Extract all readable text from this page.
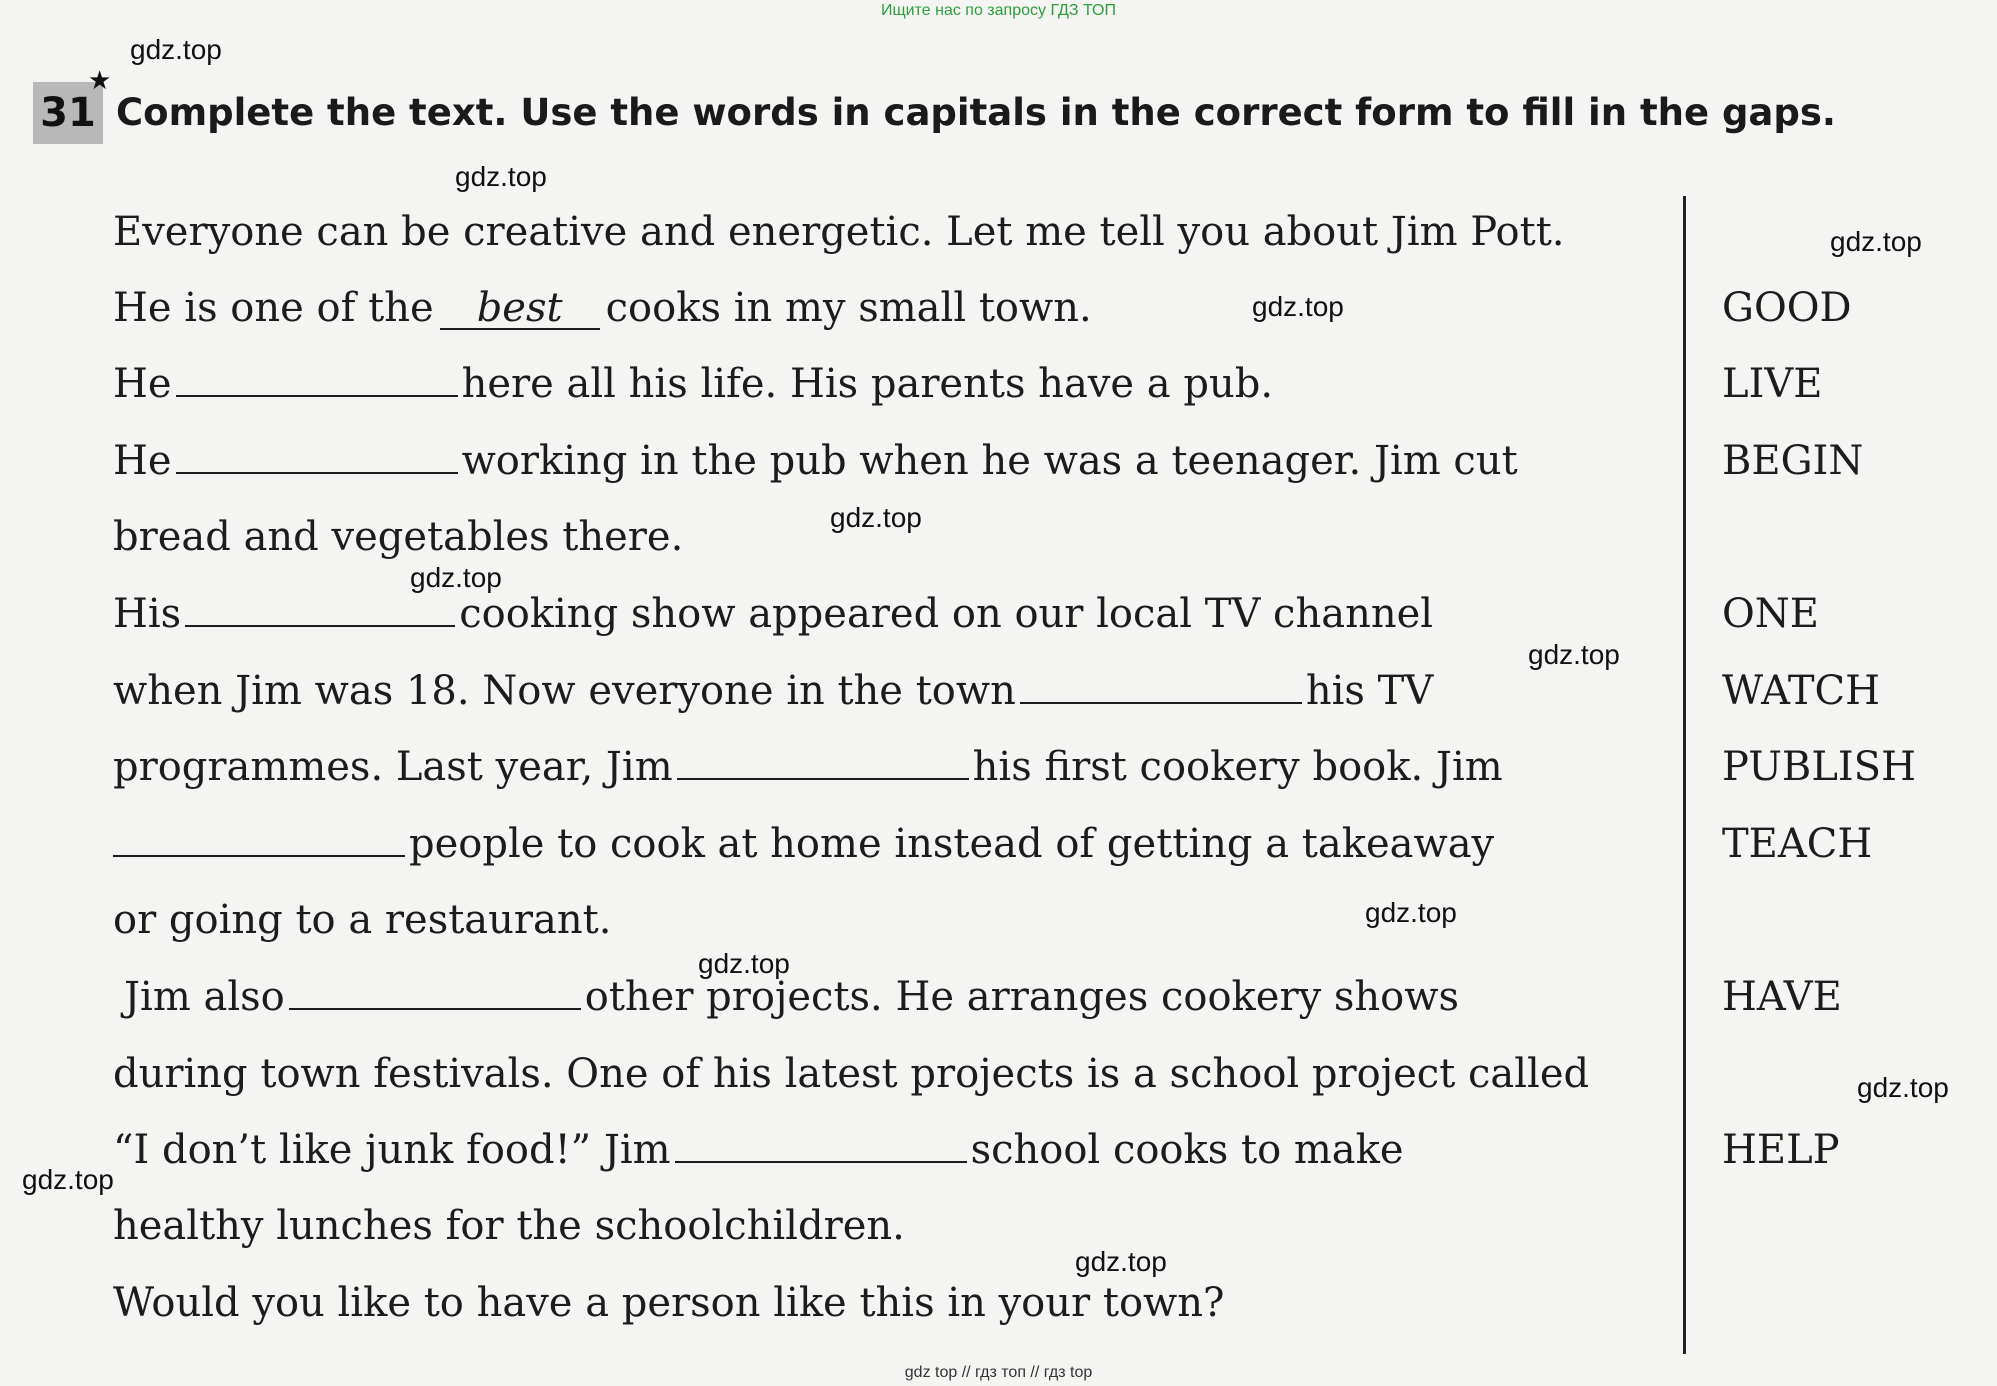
Ищите нас по запросу ГДЗ ТОП
31
★
Complete the text. Use the words in capitals in the correct form to fill in the gaps.
Everyone can be creative and energetic. Let me tell you about Jim Pott.
He is one of the best cooks in my small town.
He	here all his life. His parents have a pub.
He	working in the pub when he was a teenager. Jim cut
bread and vegetables there.
His	cooking show appeared on our local TV channel
when Jim was 18. Now everyone in the town	his TV
programmes. Last year, Jim	his first cookery book. Jim
people to cook at home instead of getting a takeaway
or going to a restaurant.
Jim also	other projects. He arranges cookery shows
during town festivals. One of his latest projects is a school project called
“I don’t like junk food!” Jim	school cooks to make
healthy lunches for the schoolchildren.
Would you like to have a person like this in your town?
GOOD
LIVE
BEGIN
ONE
WATCH
PUBLISH
TEACH
HAVE
HELP
gdz.top
gdz.top
gdz.top
gdz.top
gdz.top
gdz.top
gdz.top
gdz.top
gdz.top
gdz.top
gdz.top
gdz.top
gdz top // гдз топ // гдз top
